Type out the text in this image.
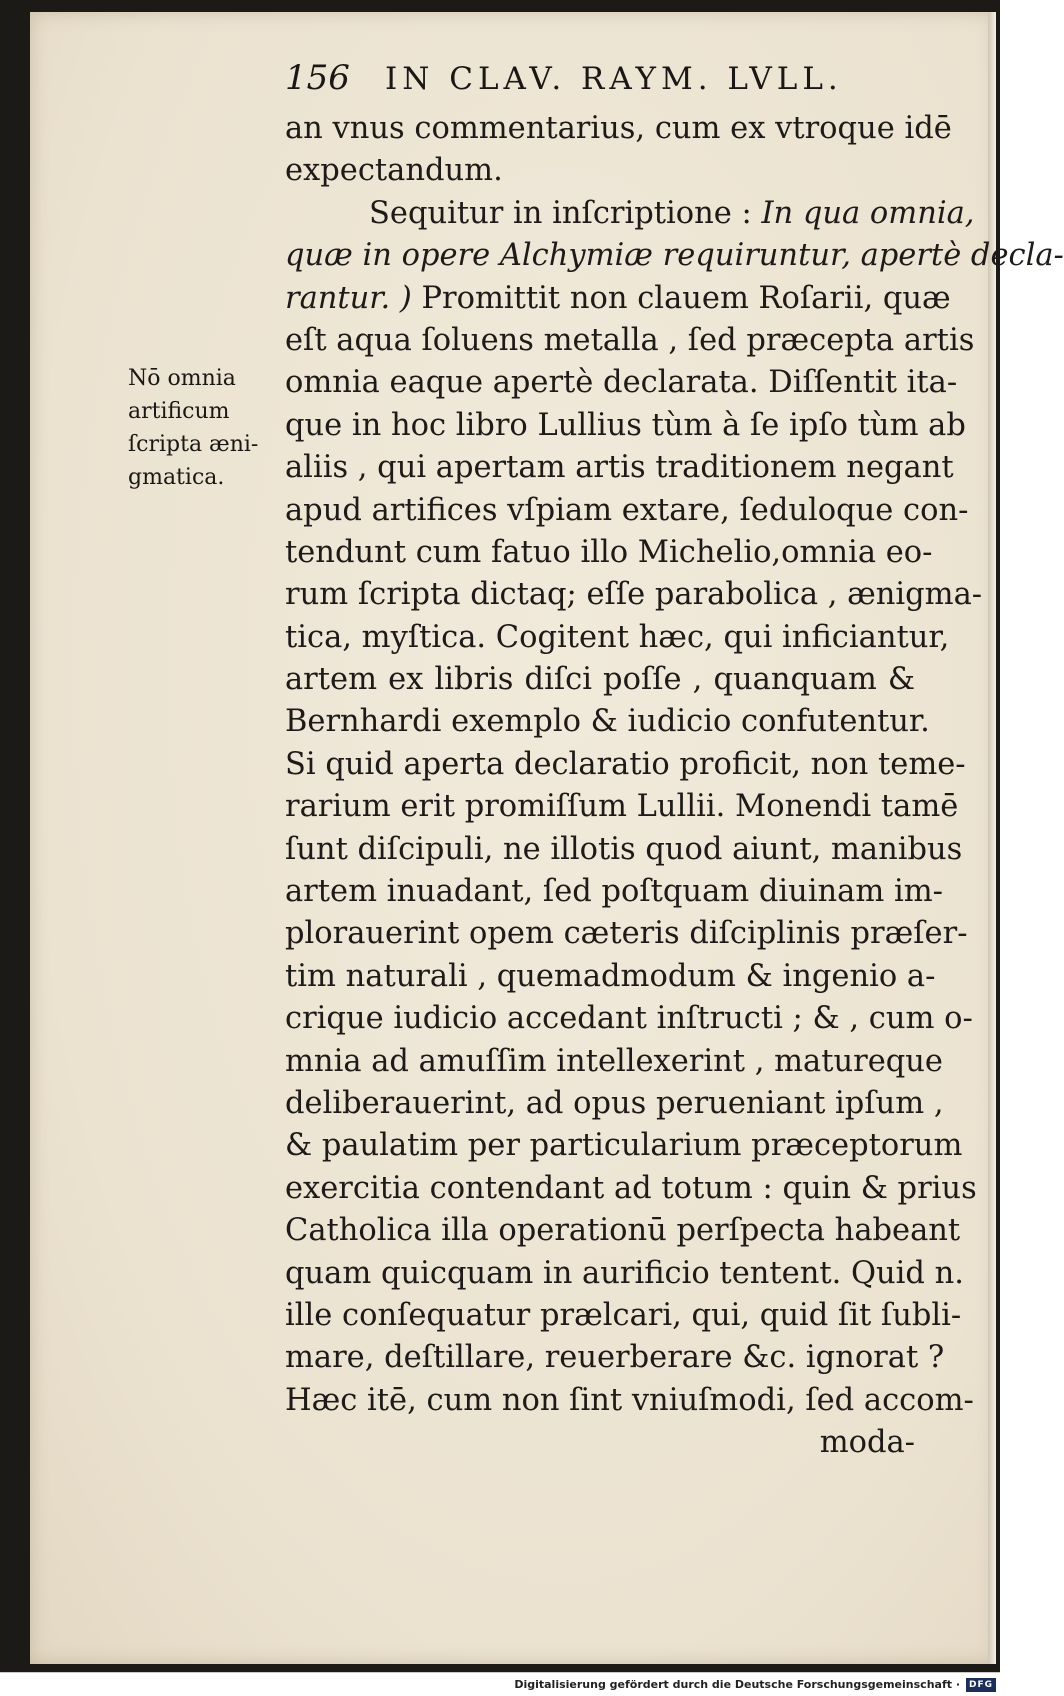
156	IN CLAV. RAYM. LVLL.
Nō omnia
artificum
ſcripta æni-
gmatica.
an vnus commentarius, cum ex vtroque idē
expectandum.
Sequitur in inſcriptione : In qua omnia,
quæ in opere Alchymiæ requiruntur, apertè decla-
rantur. ) Promittit non clauem Roſarii, quæ
eſt aqua ſoluens metalla , ſed præcepta artis
omnia eaque apertè declarata. Diſſentit ita-
que in hoc libro Lullius tùm à ſe ipſo tùm ab
aliis , qui apertam artis traditionem negant
apud artifices vſpiam extare, ſeduloque con-
tendunt cum fatuo illo Michelio,omnia eo-
rum ſcripta dictaq; eſſe parabolica , ænigma-
tica, myſtica. Cogitent hæc, qui inficiantur,
artem ex libris diſci poſſe , quanquam &
Bernhardi exemplo & iudicio confutentur.
Si quid aperta declaratio proficit, non teme-
rarium erit promiſſum Lullii. Monendi tamē
ſunt diſcipuli, ne illotis quod aiunt, manibus
artem inuadant, ſed poſtquam diuinam im-
plorauerint opem cæteris diſciplinis præſer-
tim naturali , quemadmodum & ingenio a-
crique iudicio accedant inſtructi ; & , cum o-
mnia ad amuſſim intellexerint , matureque
deliberauerint, ad opus perueniant ipſum ,
& paulatim per particularium præceptorum
exercitia contendant ad totum : quin & prius
Catholica illa operationū perſpecta habeant
quam quicquam in aurificio tentent. Quid n.
ille conſequatur prælcari, qui, quid ſit ſubli-
mare, deſtillare, reuerberare &c. ignorat ?
Hæc itē, cum non ſint vniuſmodi, ſed accom-
moda-
Digitalisierung gefördert durch die Deutsche Forschungsgemeinschaft · DFG
